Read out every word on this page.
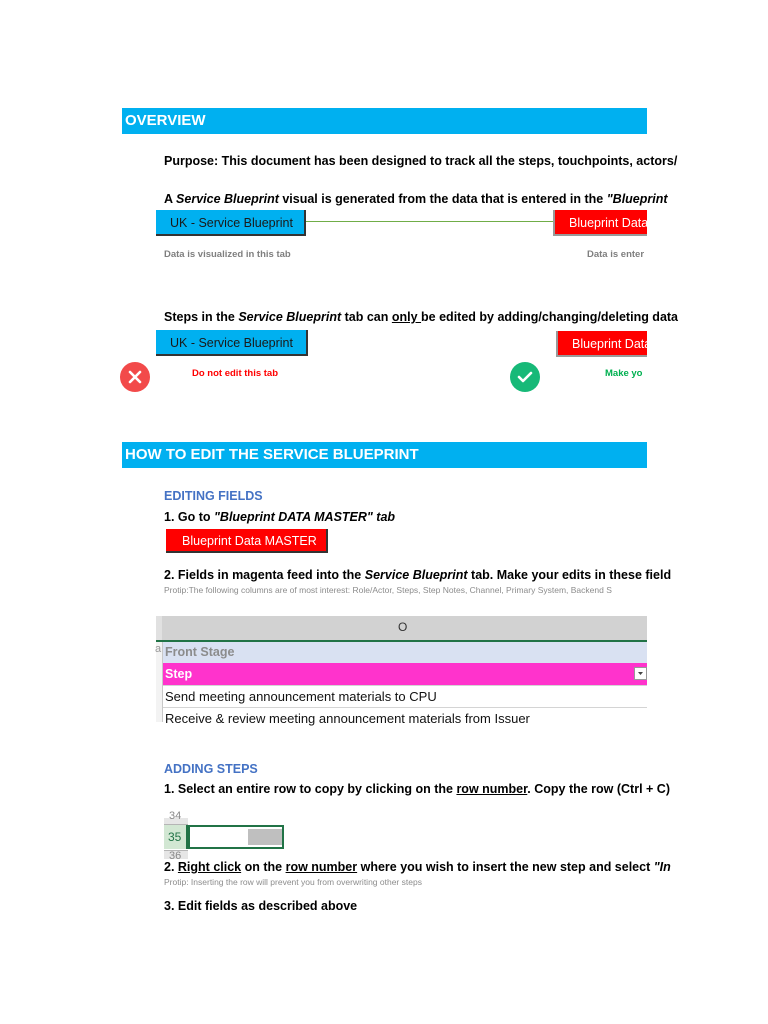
OVERVIEW
Purpose: This document has been designed to track all the steps, touchpoints, actors/
A Service Blueprint visual is generated from the data that is entered in the "Blueprint
UK - Service Blueprint	Blueprint Data
Data is visualized in this tab	Data is enter
Steps in the Service Blueprint tab can only be edited by adding/changing/deleting data
UK - Service Blueprint	Blueprint Data
Do not edit this tab	Make yo
HOW TO EDIT THE SERVICE BLUEPRINT
EDITING FIELDS
1. Go to "Blueprint DATA MASTER" tab
Blueprint Data MASTER
2. Fields in magenta feed into the Service Blueprint tab. Make your edits in these field
Protip:The following columns are of most interest: Role/Actor, Steps, Step Notes, Channel, Primary System, Backend S
O
a Front Stage
Step
Send meeting announcement materials to CPU
Receive & review meeting announcement materials from Issuer
ADDING STEPS
1. Select an entire row to copy by clicking on the row number. Copy the row (Ctrl + C)
34
35
36
2. Right click on the row number where you wish to insert the new step and select "In
Protip: Inserting the row will prevent you from overwriting other steps
3. Edit fields as described above
